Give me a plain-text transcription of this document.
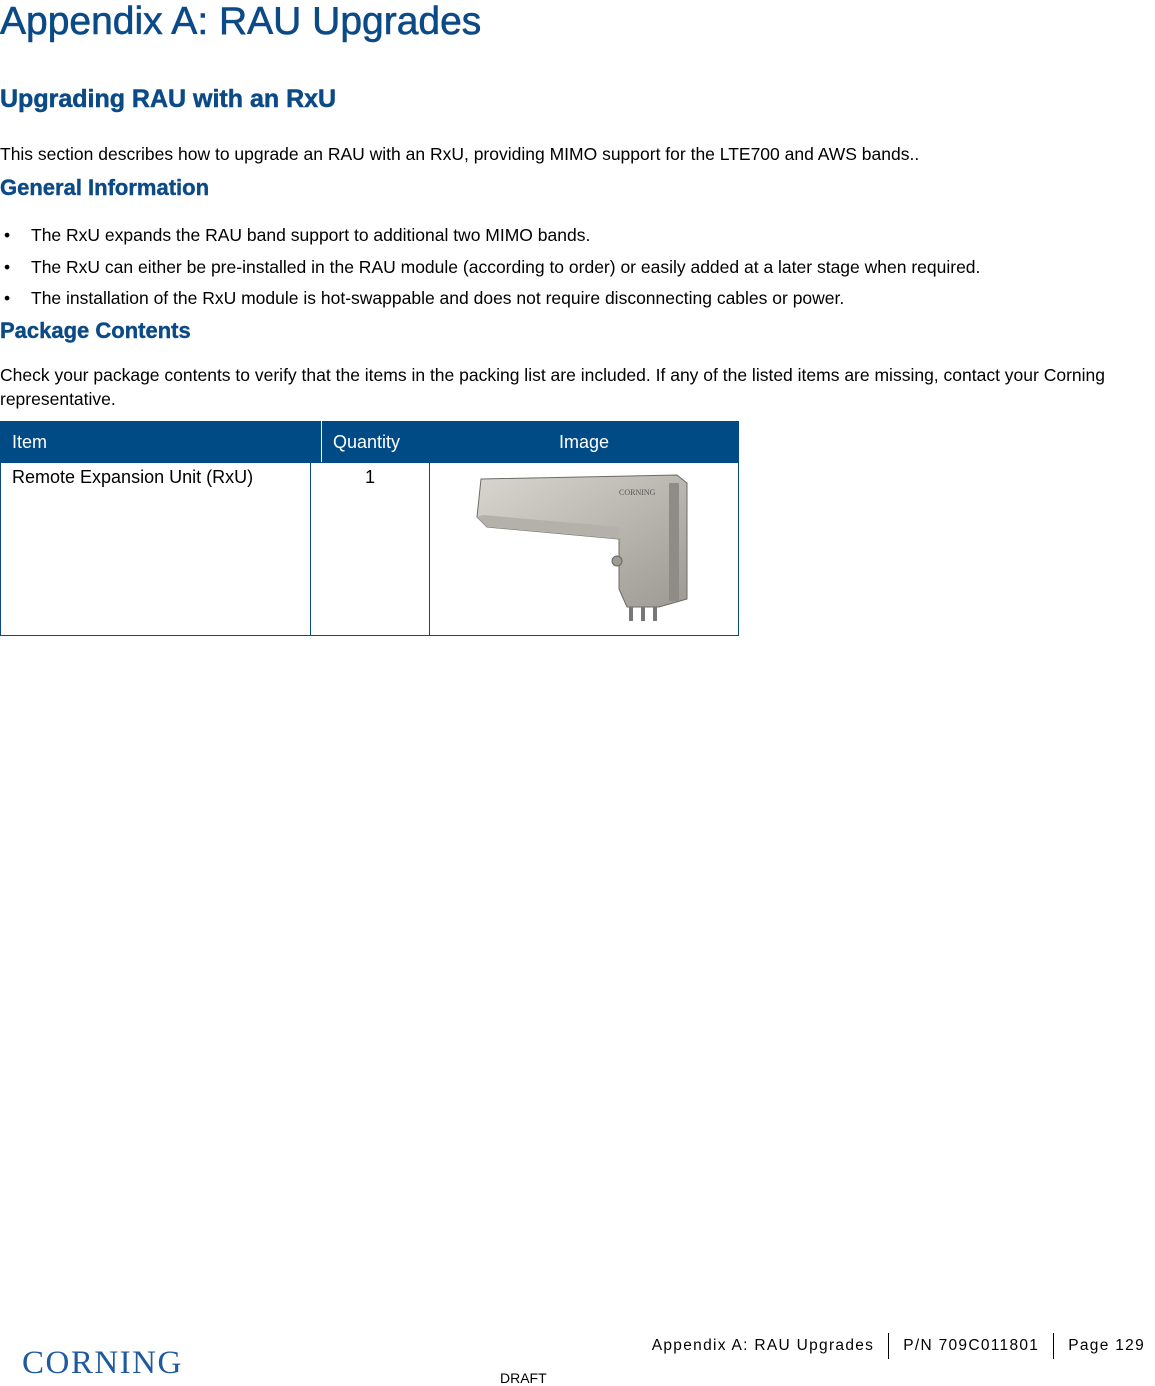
Appendix A: RAU Upgrades
Upgrading RAU with an RxU

This section describes how to upgrade an RAU with an RxU, providing MIMO support for the LTE700 and AWS bands..

General Information
• The RxU expands the RAU band support to additional two MIMO bands.
• The RxU can either be pre-installed in the RAU module (according to order) or easily added at a later stage when required.
• The installation of the RxU module is hot-swappable and does not require disconnecting cables or power.
Package Contents

Check your package contents to verify that the items in the packing list are included. If any of the listed items are missing, contact your Corning representative.

Item		Quantity	Image
Remote Expansion Unit (RxU)	1		CORNING
Appendix A: RAU Upgrades P/N 709C011801 Page 129
CORNING	DRAFT
